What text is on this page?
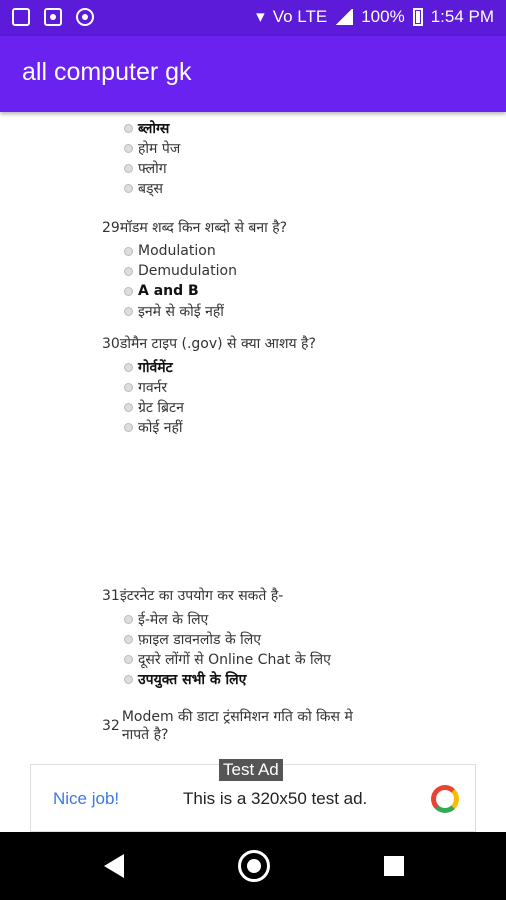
▾ Vo LTE 100% 1:54 PM
all computer gk
ब्लोग्स
होम पेज
फ्लोग
बड्स
29मॉडम शब्द किन शब्दो से बना है?
Modulation
Demudulation
A and B
इनमे से कोई नहीं
30डोमैन टाइप (.gov) से क्या आशय है?
गोर्वमेंट
गवर्नर
ग्रेट ब्रिटन
कोई नहीं
31इंटरनेट का उपयोग कर सकते है-
ई-मेल के लिए
फ़ाइल डावनलोड के लिए
दूसरे लोंगों से Online Chat के लिए
उपयुक्त सभी के लिए
32
Modem की डाटा ट्रंसमिशन गति को किस मे
नापते है?
Test Ad
Nice job!	This is a 320x50 test ad.
